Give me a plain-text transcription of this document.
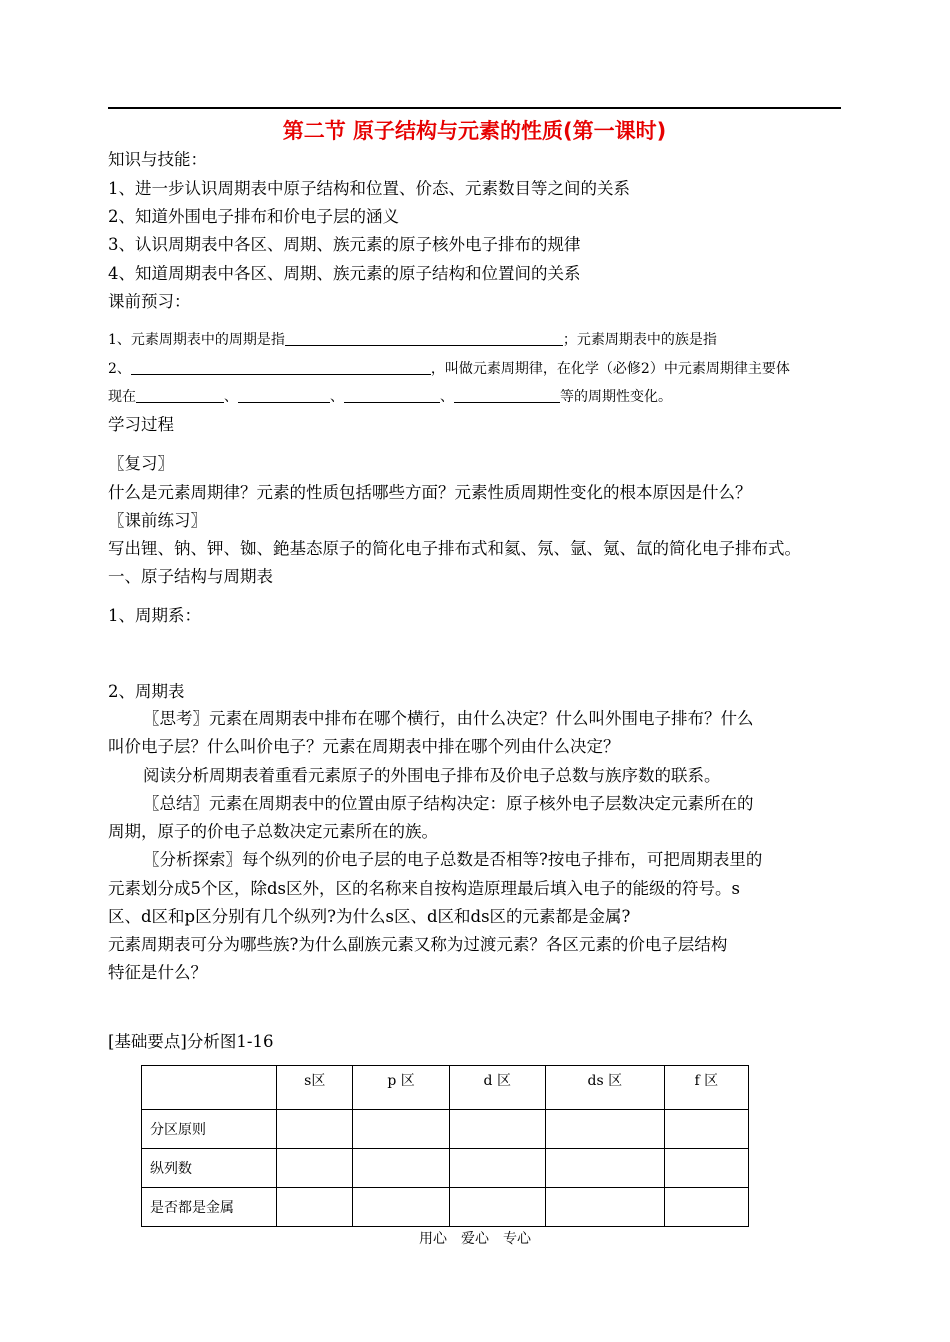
第二节 原子结构与元素的性质(第一课时)
知识与技能：
1、进一步认识周期表中原子结构和位置、价态、元素数目等之间的关系
2、知道外围电子排布和价电子层的涵义
3、认识周期表中各区、周期、族元素的原子核外电子排布的规律
4、知道周期表中各区、周期、族元素的原子结构和位置间的关系
课前预习：
1、元素周期表中的周期是指	；元素周期表中的族是指
2、	，叫做元素周期律，在化学（必修2）中元素周期律主要体
现在	、	、	、	等的周期性变化。
学习过程
〖复习〗
什么是元素周期律？元素的性质包括哪些方面？元素性质周期性变化的根本原因是什么？
〖课前练习〗
写出锂、钠、钾、铷、銫基态原子的简化电子排布式和氦、氖、氩、氪、氙的简化电子排布式。
一、原子结构与周期表
1、周期系：
2、周期表
〖思考〗元素在周期表中排布在哪个横行，由什么决定？什么叫外围电子排布？什么
叫价电子层？什么叫价电子？元素在周期表中排在哪个列由什么决定？
阅读分析周期表着重看元素原子的外围电子排布及价电子总数与族序数的联系。
〖总结〗元素在周期表中的位置由原子结构决定：原子核外电子层数决定元素所在的
周期，原子的价电子总数决定元素所在的族。
〖分析探索〗每个纵列的价电子层的电子总数是否相等?按电子排布，可把周期表里的
元素划分成5个区，除ds区外，区的名称来自按构造原理最后填入电子的能级的符号。s
区、d区和p区分别有几个纵列?为什么s区、d区和ds区的元素都是金属?
元素周期表可分为哪些族?为什么副族元素又称为过渡元素？各区元素的价电子层结构
特征是什么？
[基础要点]分析图1-16
	s区	p 区	d 区	ds 区	f 区
分区原则					
纵列数					
是否都是金属					
用心　爱心　专心
